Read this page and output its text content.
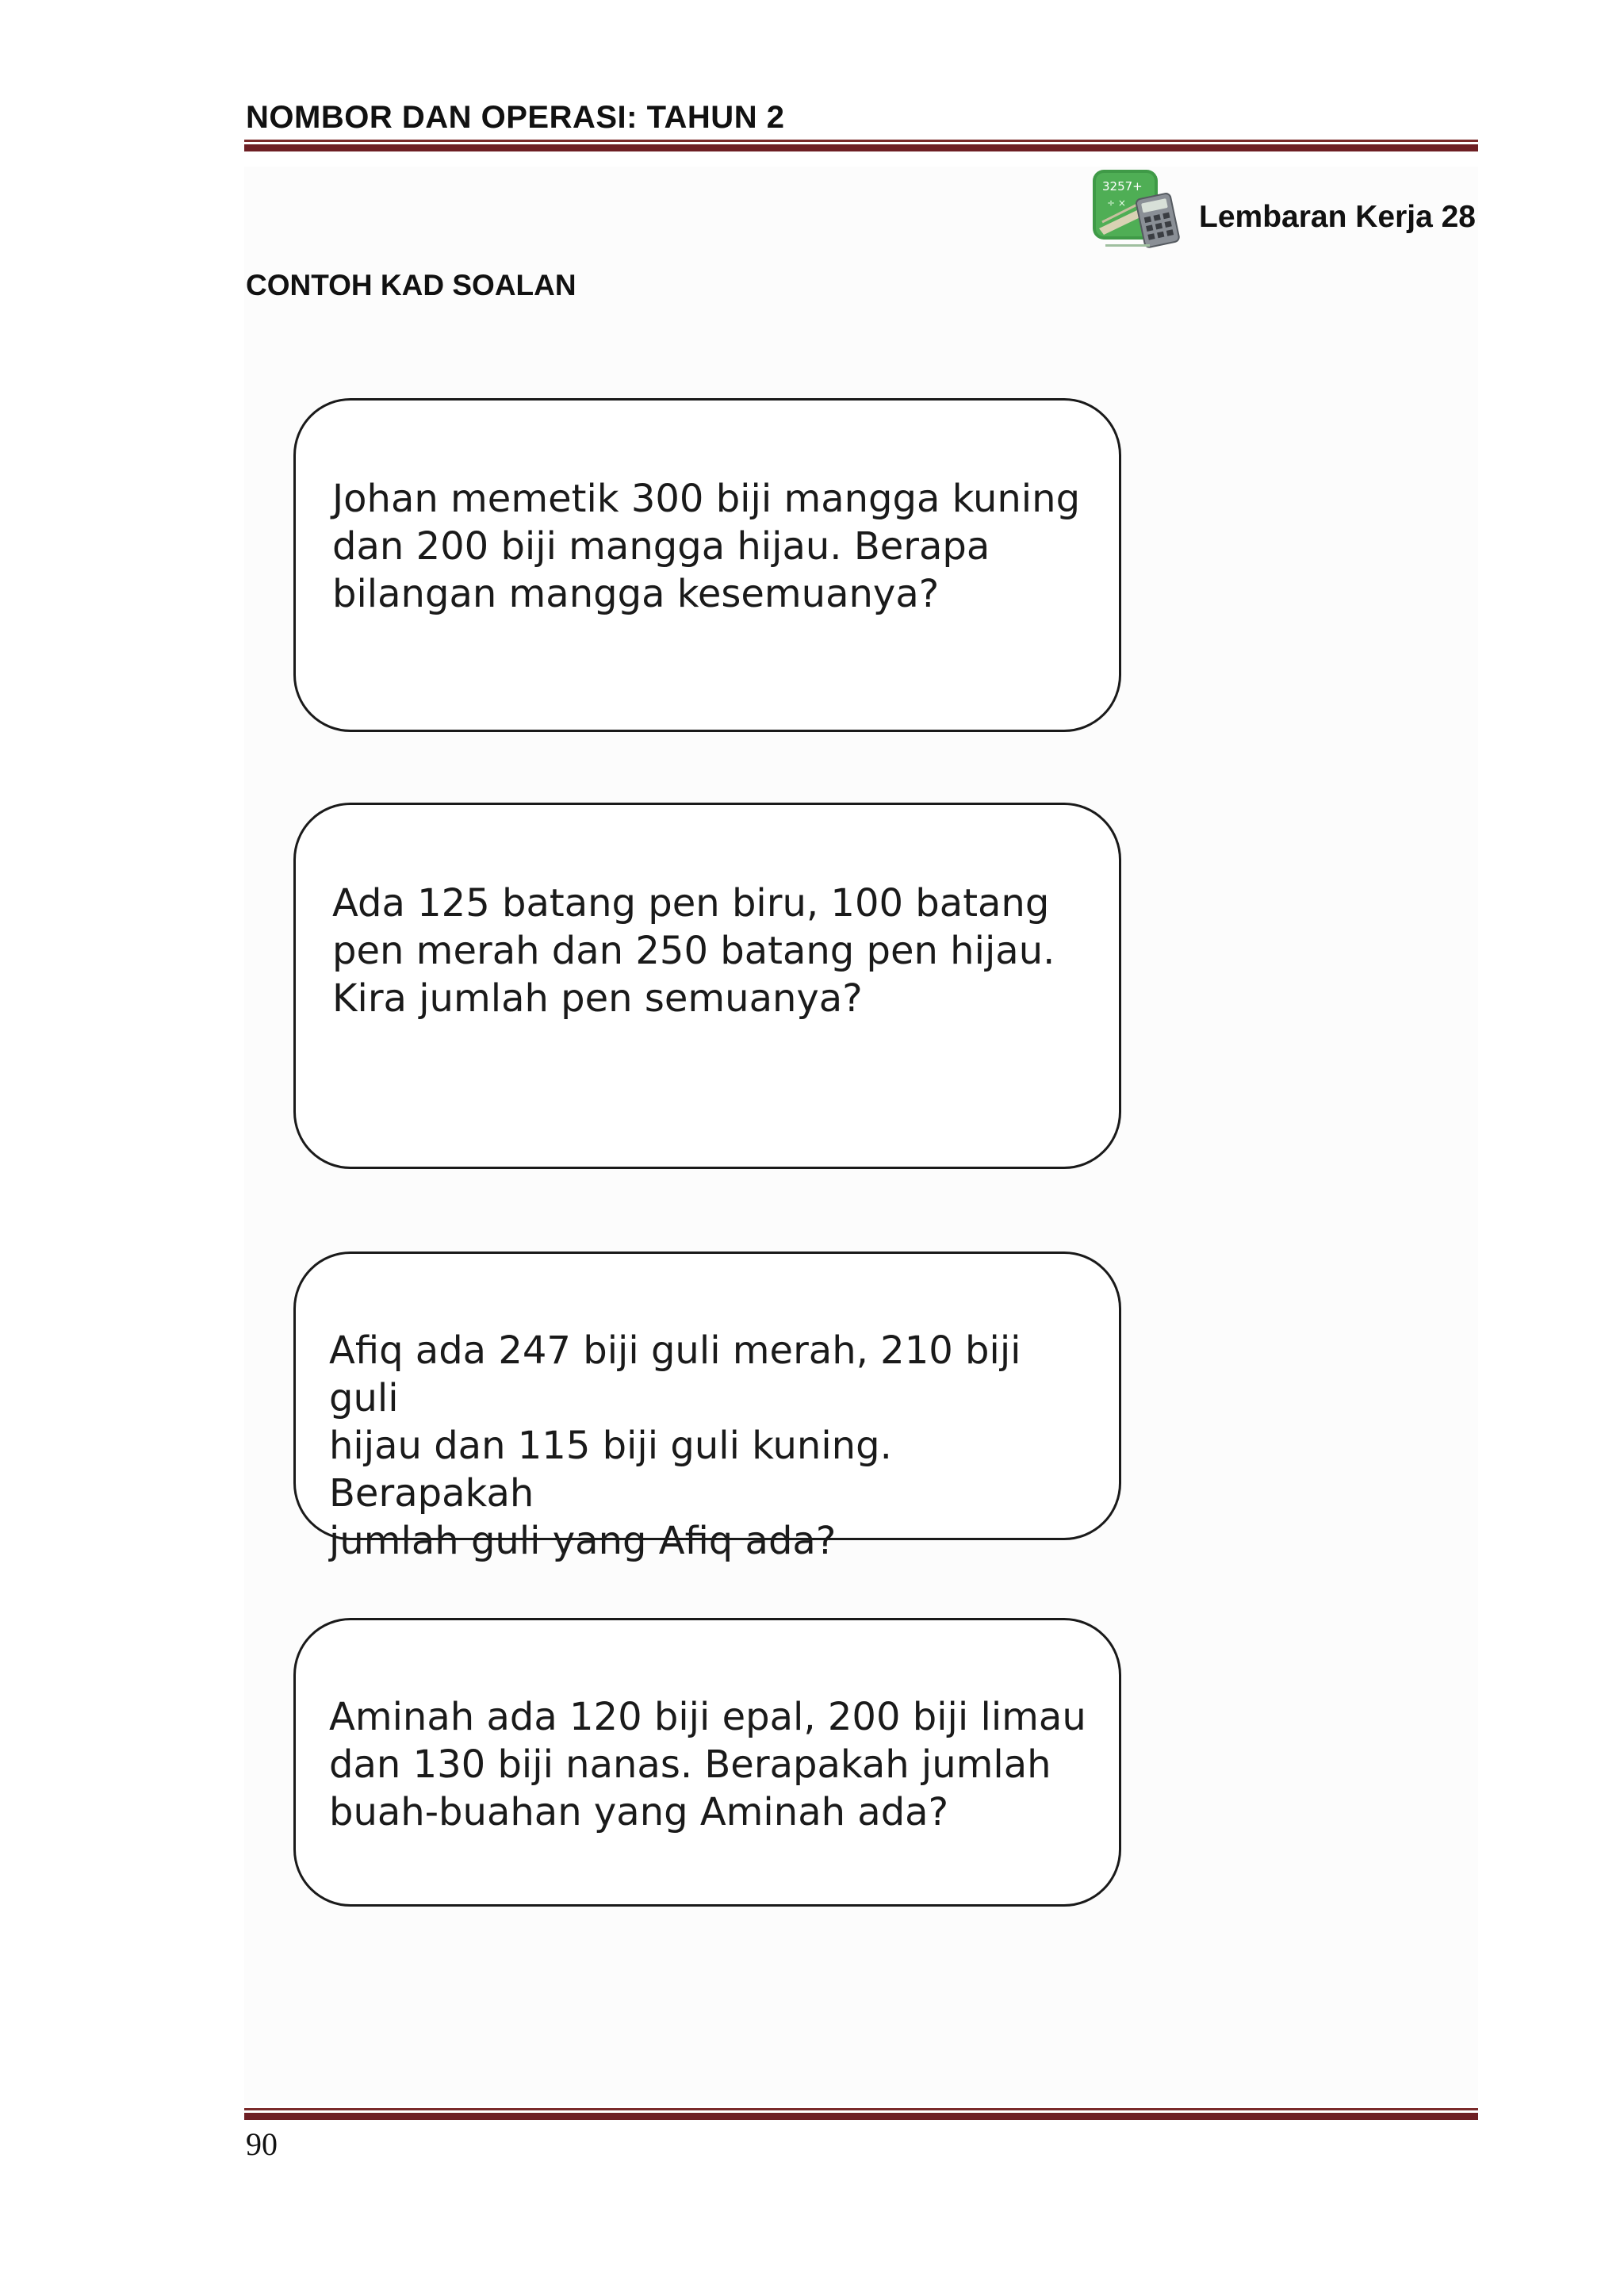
NOMBOR DAN OPERASI: TAHUN 2
3257+
÷ × Lembaran Kerja 28
CONTOH KAD SOALAN
Johan memetik 300 biji mangga kuning
dan 200 biji mangga hijau. Berapa
bilangan mangga kesemuanya?
Ada 125 batang pen biru, 100 batang
pen merah dan 250 batang pen hijau.
Kira jumlah pen semuanya?
Afiq ada 247 biji guli merah, 210 biji guli
hijau dan 115 biji guli kuning. Berapakah
jumlah guli yang Afiq ada?
Aminah ada 120 biji epal, 200 biji limau
dan 130 biji nanas. Berapakah jumlah
buah-buahan yang Aminah ada?
90
